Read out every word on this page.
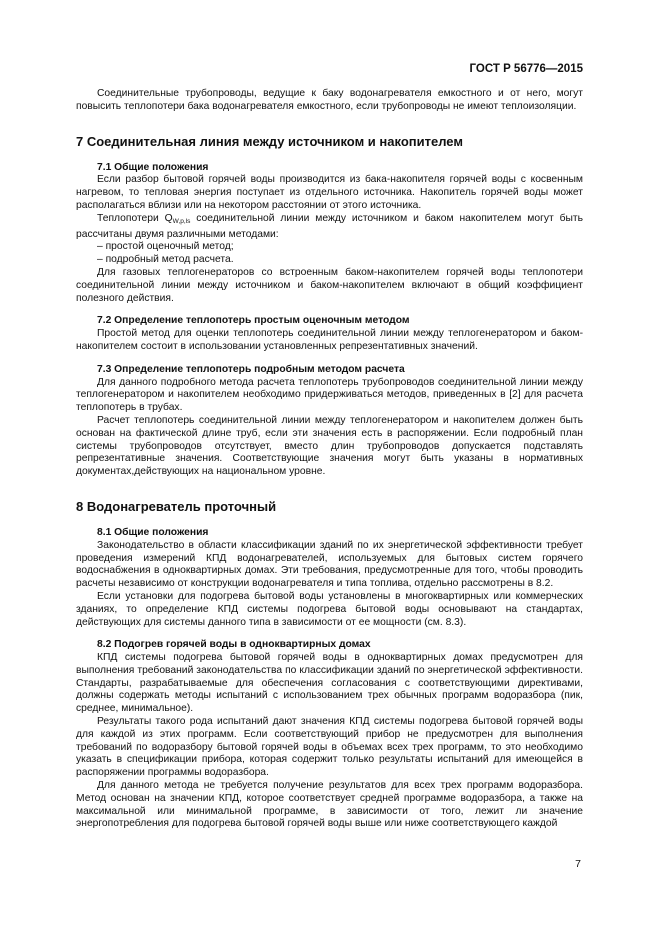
ГОСТ Р 56776—2015

Соединительные трубопроводы, ведущие к баку водонагревателя емкостного и от него, могут повысить теплопотери бака водонагревателя емкостного, если трубопроводы не имеют теплоизоляции.

7 Соединительная линия между источником и накопителем

7.1 Общие положения

Если разбор бытовой горячей воды производится из бака-накопителя горячей воды с косвенным нагревом, то тепловая энергия поступает из отдельного источника. Накопитель горячей воды может располагаться вблизи или на некотором расстоянии от этого источника.

Теплопотери $Q_{W,p,ls}$ соединительной линии между источником и баком накопителем могут быть рассчитаны двумя различными методами:

– простой оценочный метод;

– подробный метод расчета.

Для газовых теплогенераторов со встроенным баком-накопителем горячей воды теплопотери соединительной линии между источником и баком-накопителем включают в общий коэффициент полезного действия.

7.2 Определение теплопотерь простым оценочным методом

Простой метод для оценки теплопотерь соединительной линии между теплогенератором и баком-накопителем состоит в использовании установленных репрезентативных значений.

7.3 Определение теплопотерь подробным методом расчета

Для данного подробного метода расчета теплопотерь трубопроводов соединительной линии между теплогенератором и накопителем необходимо придерживаться методов, приведенных в [2] для расчета теплопотерь в трубах.

Расчет теплопотерь соединительной линии между теплогенератором и накопителем должен быть основан на фактической длине труб, если эти значения есть в распоряжении. Если подробный план системы трубопроводов отсутствует, вместо длин трубопроводов допускается подставлять репрезентативные значения. Соответствующие значения могут быть указаны в нормативных документах,действующих на национальном уровне.

8 Водонагреватель проточный

8.1 Общие положения

Законодательство в области классификации зданий по их энергетической эффективности требует проведения измерений КПД водонагревателей, используемых для бытовых систем горячего водоснабжения в одноквартирных домах. Эти требования, предусмотренные для того, чтобы проводить расчеты независимо от конструкции водонагревателя и типа топлива, отдельно рассмотрены в 8.2.

Если установки для подогрева бытовой воды установлены в многоквартирных или коммерческих зданиях, то определение КПД системы подогрева бытовой воды основывают на стандартах, действующих для системы данного типа в зависимости от ее мощности (см. 8.3).

8.2 Подогрев горячей воды в одноквартирных домах

КПД системы подогрева бытовой горячей воды в одноквартирных домах предусмотрен для выполнения требований законодательства по классификации зданий по энергетической эффективности. Стандарты, разрабатываемые для обеспечения согласования с соответствующими директивами, должны содержать методы испытаний с использованием трех обычных программ водоразбора (пик, среднее, минимальное).

Результаты такого рода испытаний дают значения КПД системы подогрева бытовой горячей воды для каждой из этих программ. Если соответствующий прибор не предусмотрен для выполнения требований по водоразбору бытовой горячей воды в объемах всех трех программ, то это необходимо указать в спецификации прибора, которая содержит только результаты испытаний для имеющейся в распоряжении программы водоразбора.

Для данного метода не требуется получение результатов для всех трех программ водоразбора. Метод основан на значении КПД, которое соответствует средней программе водоразбора, а также на максимальной или минимальной программе, в зависимости от того, лежит ли значение энергопотребления для подогрева бытовой горячей воды выше или ниже соответствующего каждой

7
